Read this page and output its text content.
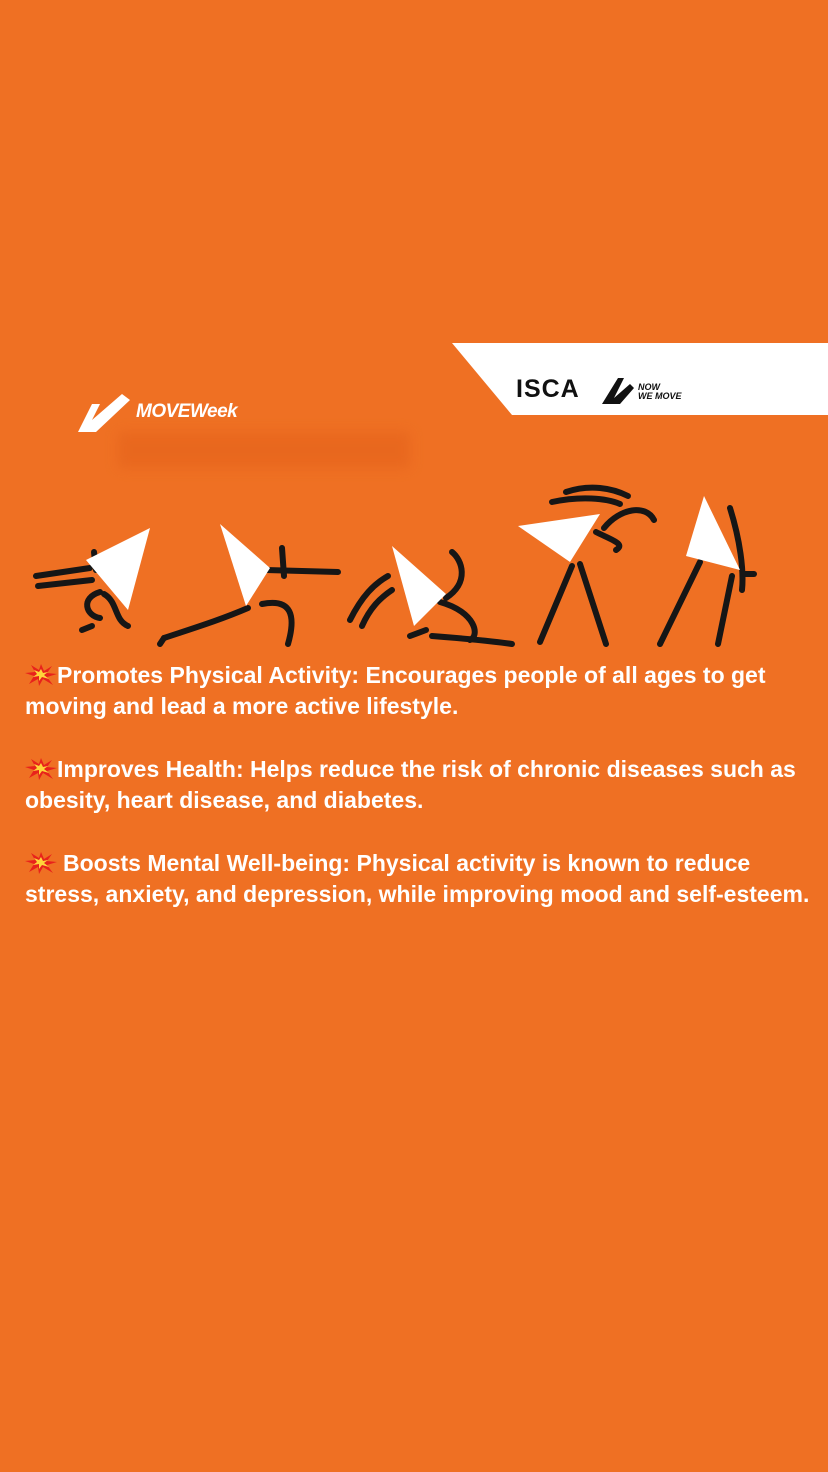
ISCA	NOW
WE MOVE
MOVEWeek

Promotes Physical Activity: Encourages people of all ages to get moving and lead a more active lifestyle.

Improves Health: Helps reduce the risk of chronic diseases such as obesity, heart disease, and diabetes.

Boosts Mental Well-being: Physical activity is known to reduce stress, anxiety, and depression, while improving mood and self-esteem.
